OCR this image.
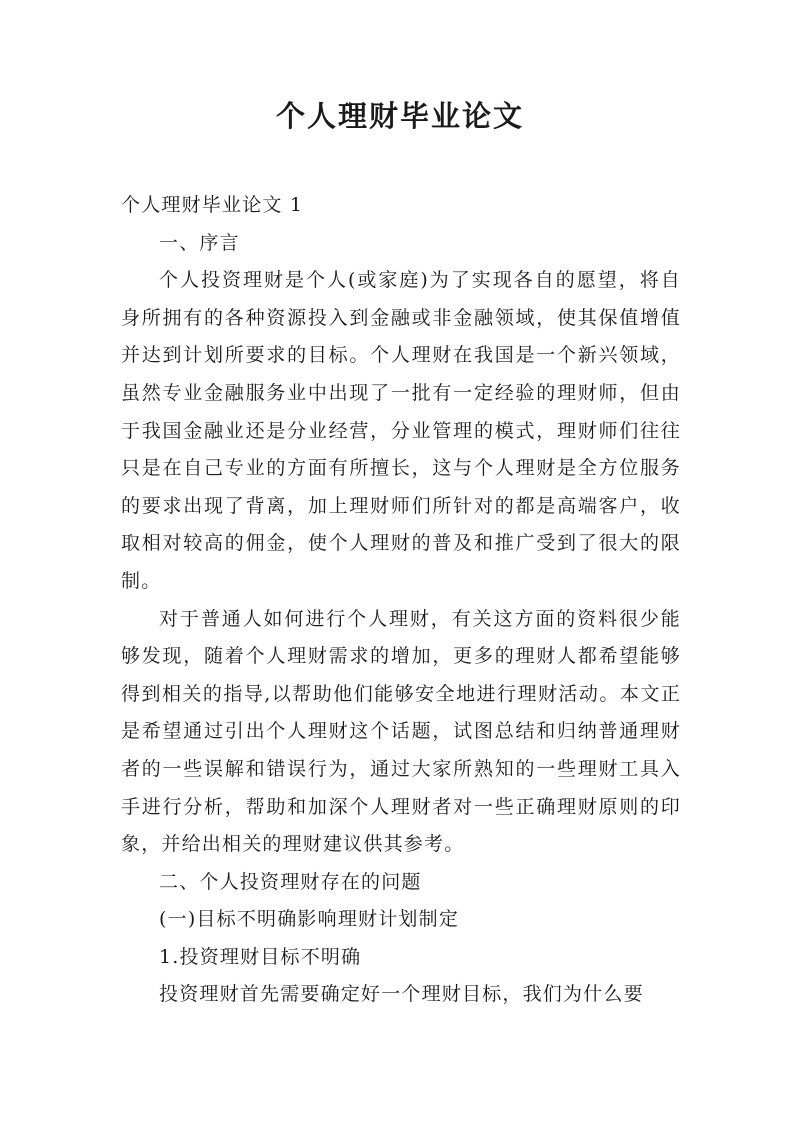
个人理财毕业论文

个人理财毕业论文 1

一、序言

个人投资理财是个人(或家庭)为了实现各自的愿望，将自身所拥有的各种资源投入到金融或非金融领域，使其保值增值并达到计划所要求的目标。个人理财在我国是一个新兴领域，虽然专业金融服务业中出现了一批有一定经验的理财师，但由于我国金融业还是分业经营，分业管理的模式，理财师们往往只是在自己专业的方面有所擅长，这与个人理财是全方位服务的要求出现了背离，加上理财师们所针对的都是高端客户，收取相对较高的佣金，使个人理财的普及和推广受到了很大的限制。

对于普通人如何进行个人理财，有关这方面的资料很少能够发现，随着个人理财需求的增加，更多的理财人都希望能够得到相关的指导,以帮助他们能够安全地进行理财活动。本文正是希望通过引出个人理财这个话题，试图总结和归纳普通理财者的一些误解和错误行为，通过大家所熟知的一些理财工具入手进行分析，帮助和加深个人理财者对一些正确理财原则的印象，并给出相关的理财建议供其参考。

二、个人投资理财存在的问题

(一)目标不明确影响理财计划制定

1.投资理财目标不明确

投资理财首先需要确定好一个理财目标，我们为什么要
